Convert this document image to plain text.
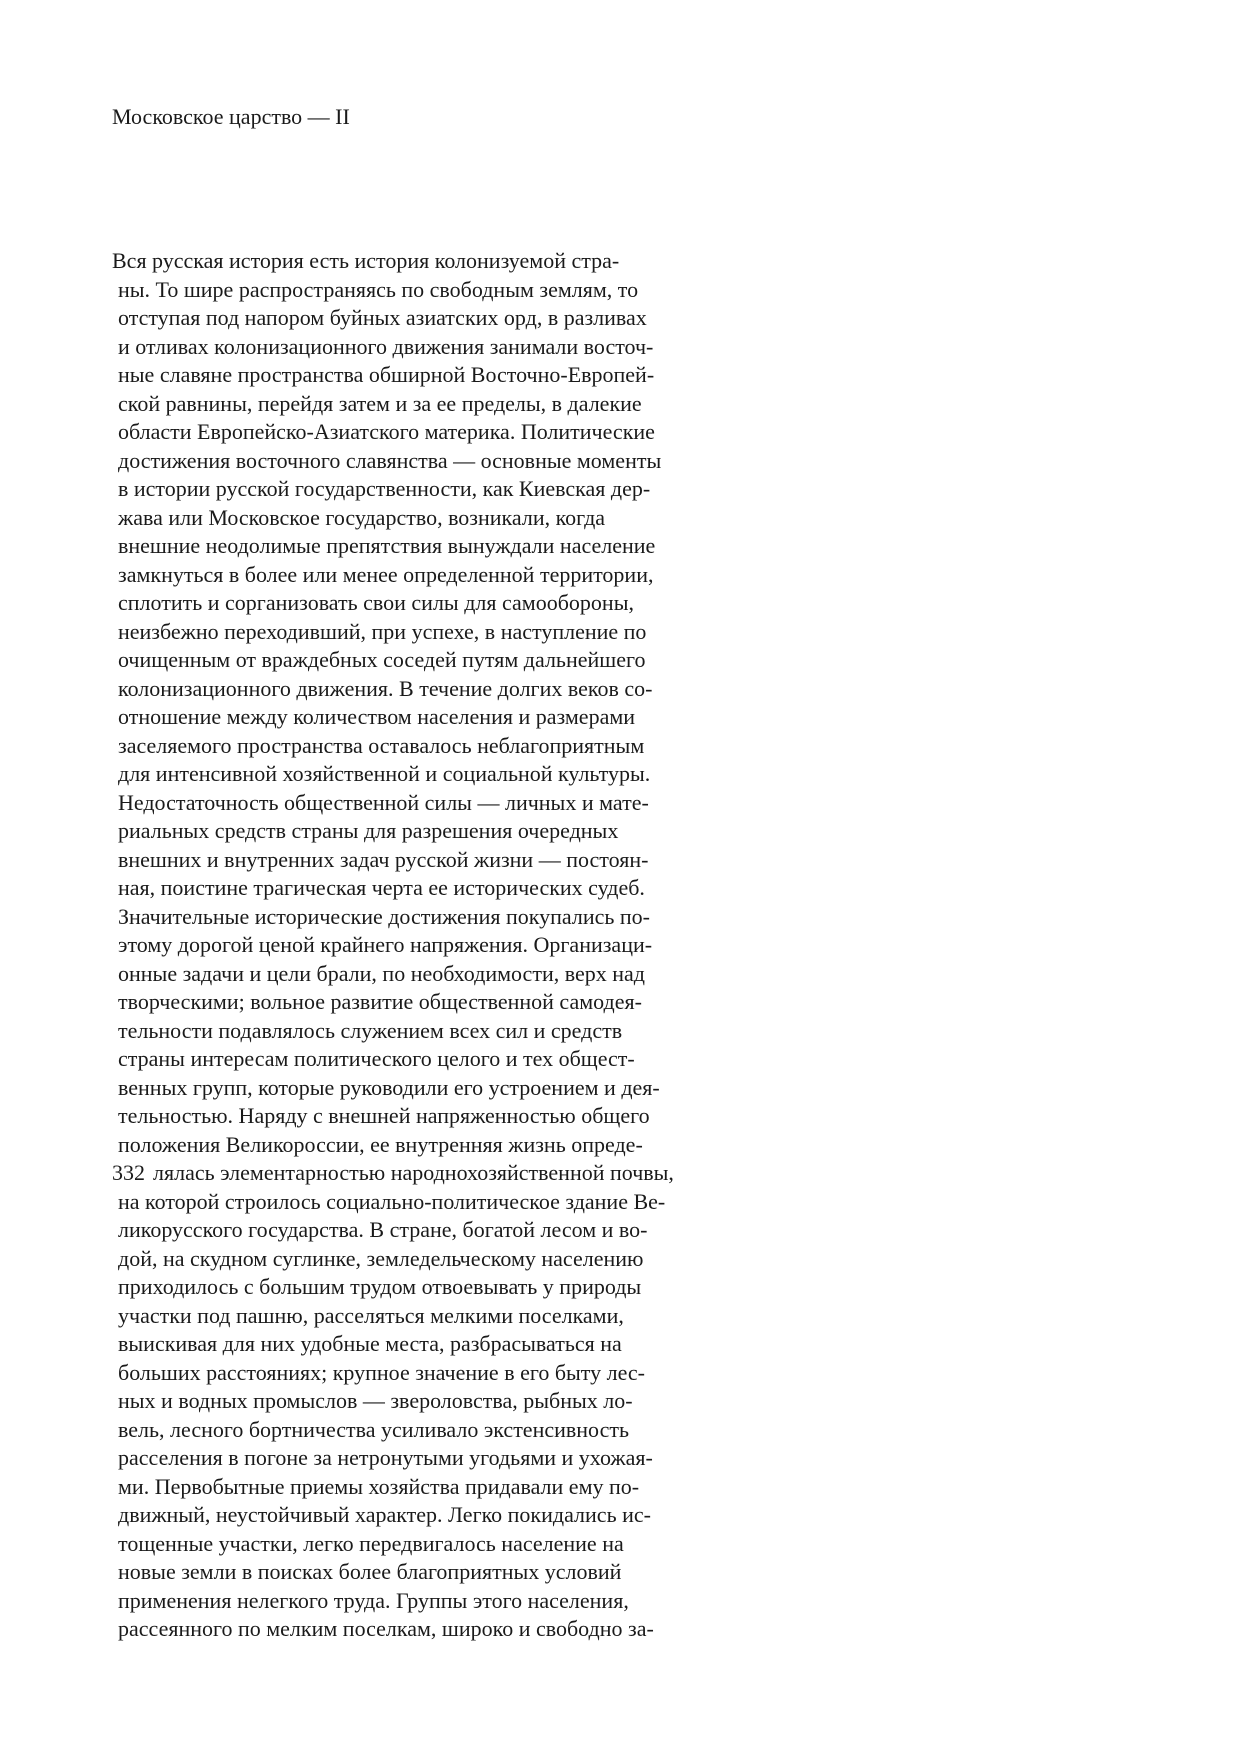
Московское царство — II
Вся русская история есть история колонизуемой стра-
ны. То шире распространяясь по свободным землям, то
отступая под напором буйных азиатских орд, в разливах
и отливах колонизационного движения занимали восточ-
ные славяне пространства обширной Восточно-Европей-
ской равнины, перейдя затем и за ее пределы, в далекие
области Европейско-Азиатского материка. Политические
достижения восточного славянства — основные моменты
в истории русской государственности, как Киевская дер-
жава или Московское государство, возникали, когда
внешние неодолимые препятствия вынуждали население
замкнуться в более или менее определенной территории,
сплотить и сорганизовать свои силы для самообороны,
неизбежно переходивший, при успехе, в наступление по
очищенным от враждебных соседей путям дальнейшего
колонизационного движения. В течение долгих веков со-
отношение между количеством населения и размерами
заселяемого пространства оставалось неблагоприятным
для интенсивной хозяйственной и социальной культуры.
Недостаточность общественной силы — личных и мате-
риальных средств страны для разрешения очередных
внешних и внутренних задач русской жизни — постоян-
ная, поистине трагическая черта ее исторических судеб.
Значительные исторические достижения покупались по-
этому дорогой ценой крайнего напряжения. Организаци-
онные задачи и цели брали, по необходимости, верх над
творческими; вольное развитие общественной самодея-
тельности подавлялось служением всех сил и средств
страны интересам политического целого и тех общест-
венных групп, которые руководили его устроением и дея-
тельностью. Наряду с внешней напряженностью общего
положения Великороссии, ее внутренняя жизнь опреде-
лялась элементарностью народнохозяйственной почвы,
на которой строилось социально-политическое здание Ве-
ликорусского государства. В стране, богатой лесом и во-
дой, на скудном суглинке, земледельческому населению
приходилось с большим трудом отвоевывать у природы
участки под пашню, расселяться мелкими поселками,
выискивая для них удобные места, разбрасываться на
больших расстояниях; крупное значение в его быту лес-
ных и водных промыслов — звероловства, рыбных ло-
вель, лесного бортничества усиливало экстенсивность
расселения в погоне за нетронутыми угодьями и ухожая-
ми. Первобытные приемы хозяйства придавали ему по-
движный, неустойчивый характер. Легко покидались ис-
тощенные участки, легко передвигалось население на
новые земли в поисках более благоприятных условий
применения нелегкого труда. Группы этого населения,
рассеянного по мелким поселкам, широко и свободно за-
332
